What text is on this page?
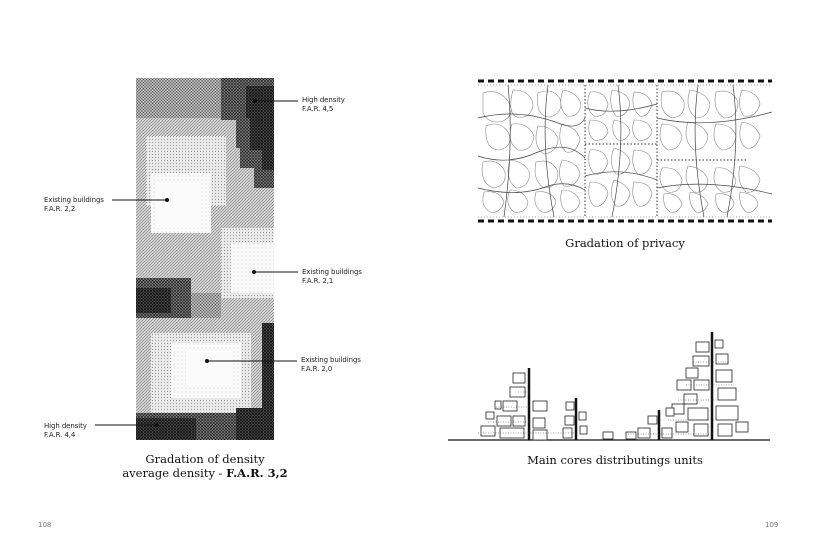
High density
F.A.R. 4,5
Existing buildings
F.A.R. 2,2
Existing buildings
F.A.R. 2,1
Existing buildings
F.A.R. 2,0
High density
F.A.R. 4,4
Gradation of density
average density - F.A.R. 3,2
108
Gradation of privacy
Main cores distributings units
109
